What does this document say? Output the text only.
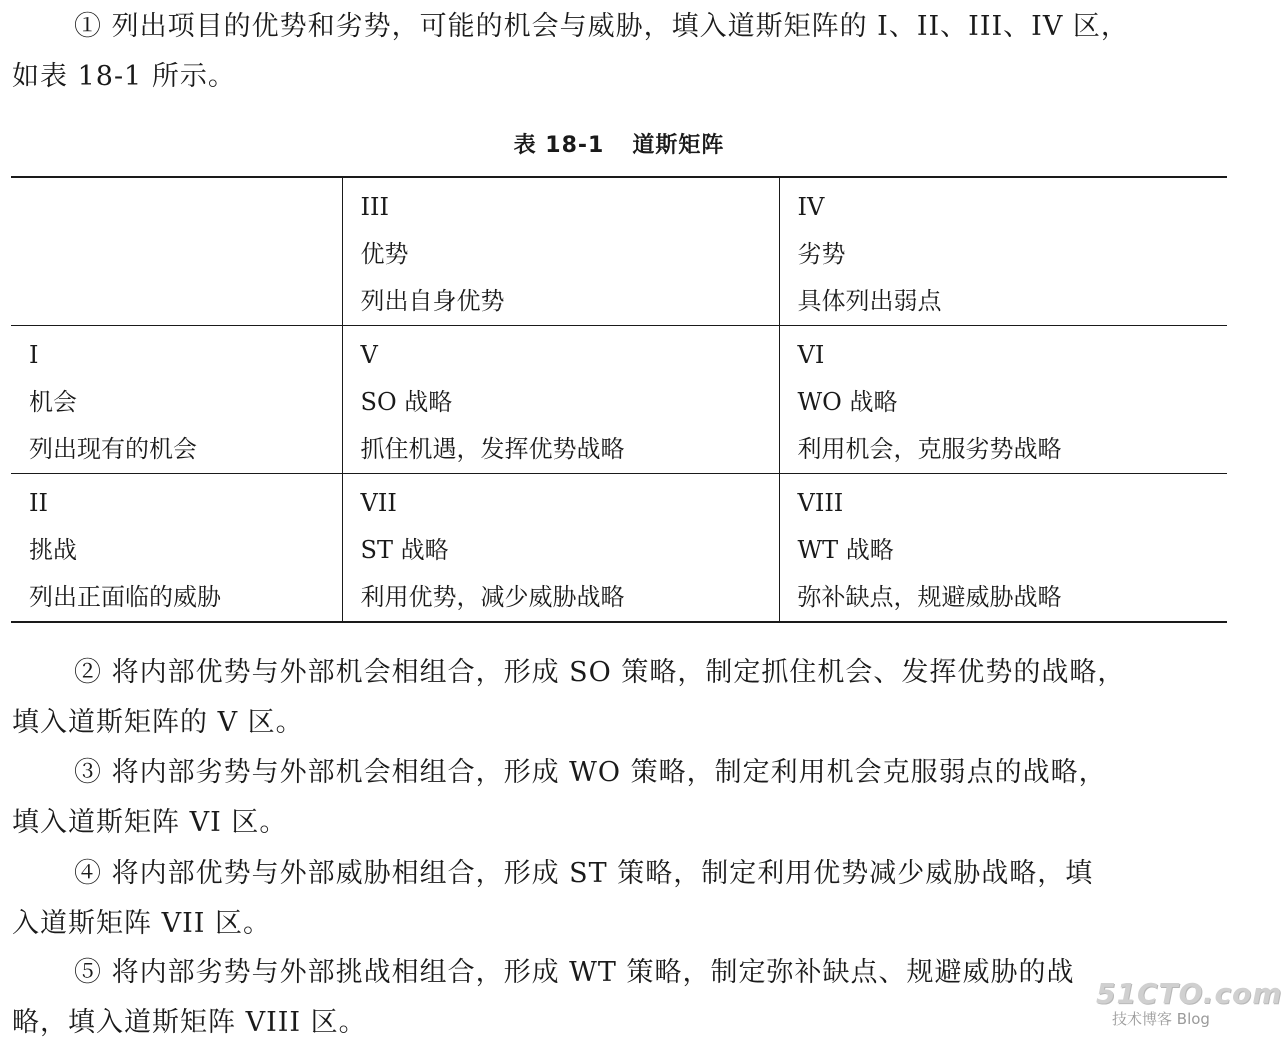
① 列出项目的优势和劣势，可能的机会与威胁，填入道斯矩阵的 I、II、III、IV 区，
如表 18-1 所示。

表 18-1 道斯矩阵

	III
优势
列出自身优势	IV
劣势
具体列出弱点

I
机会
列出现有的机会	V
SO 战略
抓住机遇，发挥优势战略	VI
WO 战略
利用机会，克服劣势战略

II
挑战
列出正面临的威胁	VII
ST 战略
利用优势，减少威胁战略	VIII
WT 战略
弥补缺点，规避威胁战略

② 将内部优势与外部机会相组合，形成 SO 策略，制定抓住机会、发挥优势的战略，
填入道斯矩阵的 V 区。

③ 将内部劣势与外部机会相组合，形成 WO 策略，制定利用机会克服弱点的战略，
填入道斯矩阵 VI 区。

④ 将内部优势与外部威胁相组合，形成 ST 策略，制定利用优势减少威胁战略，填
入道斯矩阵 VII 区。

⑤ 将内部劣势与外部挑战相组合，形成 WT 策略，制定弥补缺点、规避威胁的战
略，填入道斯矩阵 VIII 区。

51CTO.com
技术博客 Blog
